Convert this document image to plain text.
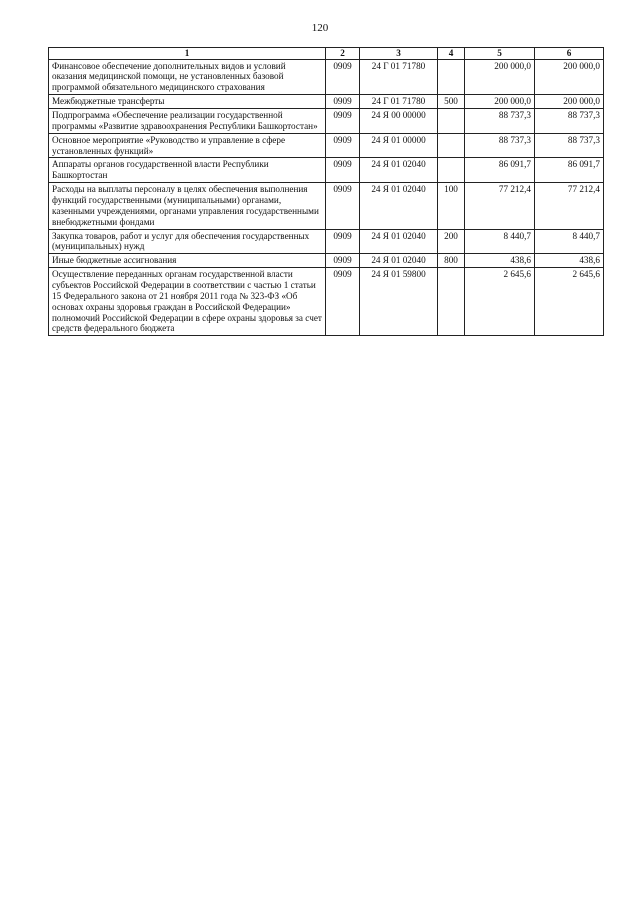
120
1	2	3	4	5	6
Финансовое обеспечение дополнительных видов и условий оказания медицинской помощи, не установленных базовой программой обязательного медицинского страхования	0909	24 Г 01 71780		200 000,0	200 000,0
Межбюджетные трансферты	0909	24 Г 01 71780	500	200 000,0	200 000,0
Подпрограмма «Обеспечение реализации государственной программы «Развитие здравоохранения Республики Башкортостан»	0909	24 Я 00 00000		88 737,3	88 737,3
Основное мероприятие «Руководство и управление в сфере установленных функций»	0909	24 Я 01 00000		88 737,3	88 737,3
Аппараты органов государственной власти Республики Башкортостан	0909	24 Я 01 02040		86 091,7	86 091,7
Расходы на выплаты персоналу в целях обеспечения выполнения функций государственными (муниципальными) органами, казенными учреждениями, органами управления государственными внебюджетными фондами	0909	24 Я 01 02040	100	77 212,4	77 212,4
Закупка товаров, работ и услуг для обеспечения государственных (муниципальных) нужд	0909	24 Я 01 02040	200	8 440,7	8 440,7
Иные бюджетные ассигнования	0909	24 Я 01 02040	800	438,6	438,6
Осуществление переданных органам государственной власти субъектов Российской Федерации в соответствии с частью 1 статьи 15 Федерального закона от 21 ноября 2011 года № 323-ФЗ «Об основах охраны здоровья граждан в Российской Федерации» полномочий Российской Федерации в сфере охраны здоровья за счет средств федерального бюджета	0909	24 Я 01 59800		2 645,6	2 645,6
